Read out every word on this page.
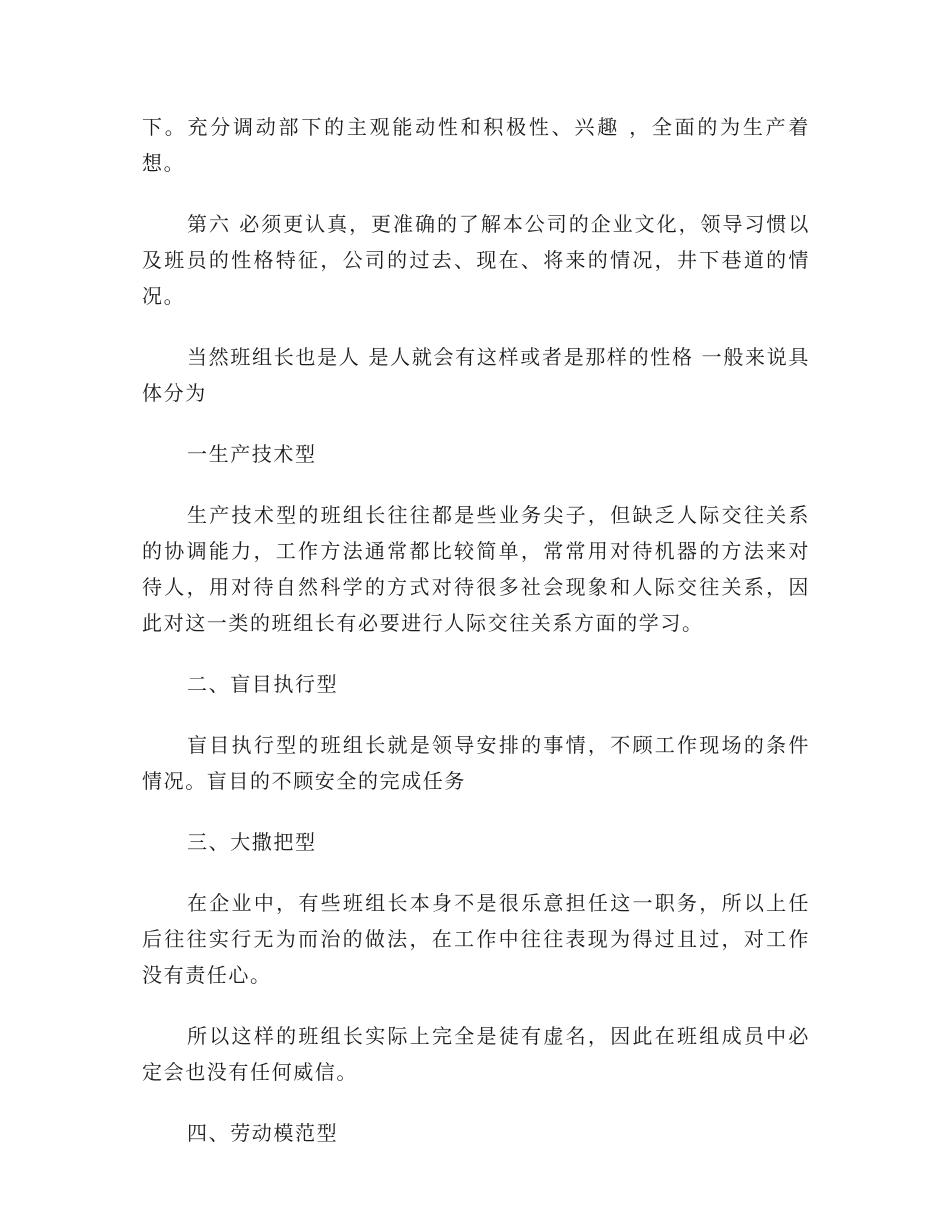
下。充分调动部下的主观能动性和积极性、兴趣 ，全面的为生产着想。

第六 必须更认真，更准确的了解本公司的企业文化，领导习惯以及班员的性格特征，公司的过去、现在、将来的情况，井下巷道的情况。

当然班组长也是人 是人就会有这样或者是那样的性格 一般来说具体分为

一生产技术型

生产技术型的班组长往往都是些业务尖子，但缺乏人际交往关系的协调能力，工作方法通常都比较简单，常常用对待机器的方法来对待人，用对待自然科学的方式对待很多社会现象和人际交往关系，因此对这一类的班组长有必要进行人际交往关系方面的学习。

二、盲目执行型

盲目执行型的班组长就是领导安排的事情，不顾工作现场的条件情况。盲目的不顾安全的完成任务

三、大撒把型

在企业中，有些班组长本身不是很乐意担任这一职务，所以上任后往往实行无为而治的做法，在工作中往往表现为得过且过，对工作没有责任心。

所以这样的班组长实际上完全是徒有虚名，因此在班组成员中必定会也没有任何威信。

四、劳动模范型
